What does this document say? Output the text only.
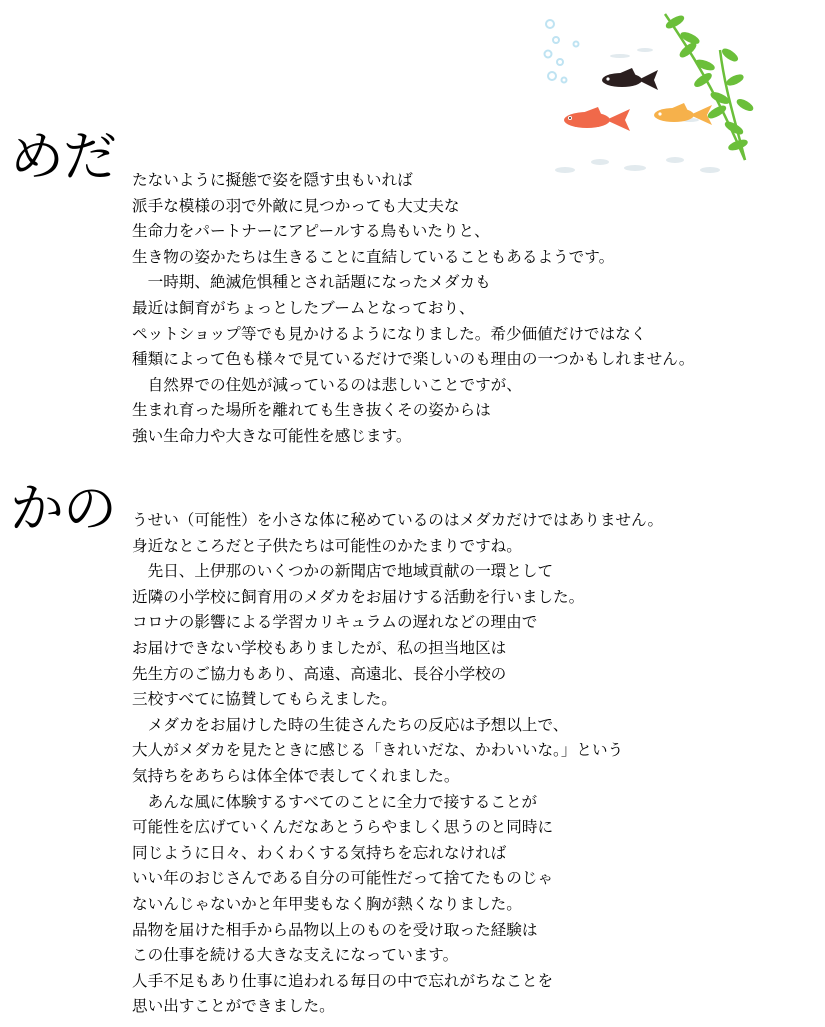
めだ たないように擬態で姿を隠す虫もいれば
派手な模様の羽で外敵に見つかっても大丈夫な
生命力をパートナーにアピールする鳥もいたりと、
生き物の姿かたちは生きることに直結していることもあるようです。
　一時期、絶滅危惧種とされ話題になったメダカも
最近は飼育がちょっとしたブームとなっており、
ペットショップ等でも見かけるようになりました。希少価値だけではなく
種類によって色も様々で見ているだけで楽しいのも理由の一つかもしれません。
　自然界での住処が減っているのは悲しいことですが、
生まれ育った場所を離れても生き抜くその姿からは
強い生命力や大きな可能性を感じます。
かの うせい（可能性）を小さな体に秘めているのはメダカだけではありません。
身近なところだと子供たちは可能性のかたまりですね。
　先日、上伊那のいくつかの新聞店で地域貢献の一環として
近隣の小学校に飼育用のメダカをお届けする活動を行いました。
コロナの影響による学習カリキュラムの遅れなどの理由で
お届けできない学校もありましたが、私の担当地区は
先生方のご協力もあり、高遠、高遠北、長谷小学校の
三校すべてに協賛してもらえました。
　メダカをお届けした時の生徒さんたちの反応は予想以上で、
大人がメダカを見たときに感じる「きれいだな、かわいいな。」という
気持ちをあちらは体全体で表してくれました。
　あんな風に体験するすべてのことに全力で接することが
可能性を広げていくんだなあとうらやましく思うのと同時に
同じように日々、わくわくする気持ちを忘れなければ
いい年のおじさんである自分の可能性だって捨てたものじゃ
ないんじゃないかと年甲斐もなく胸が熱くなりました。
品物を届けた相手から品物以上のものを受け取った経験は
この仕事を続ける大きな支えになっています。
人手不足もあり仕事に追われる毎日の中で忘れがちなことを
思い出すことができました。
